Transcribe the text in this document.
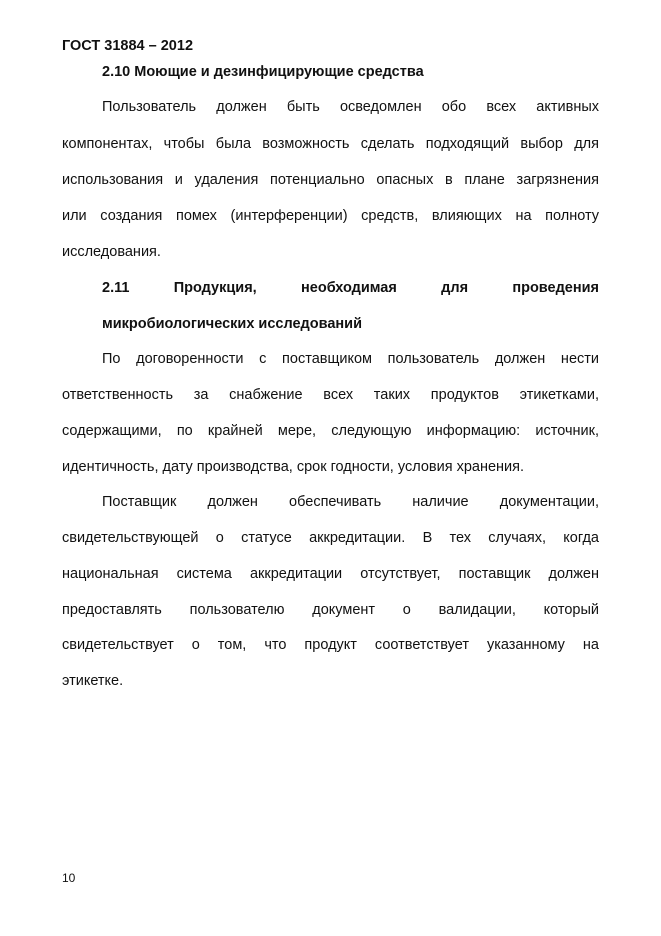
ГОСТ 31884 – 2012
2.10 Моющие и дезинфицирующие средства
Пользователь должен быть осведомлен обо всех активных
компонентах, чтобы была возможность сделать подходящий выбор для
использования и удаления потенциально опасных в плане загрязнения
или создания помех (интерференции) средств, влияющих на полноту
исследования.
2.11 Продукция, необходимая для проведения
микробиологических исследований
По договоренности с поставщиком пользователь должен нести
ответственность за снабжение всех таких продуктов этикетками,
содержащими, по крайней мере, следующую информацию: источник,
идентичность, дату производства, срок годности, условия хранения.
Поставщик должен обеспечивать наличие документации,
свидетельствующей о статусе аккредитации. В тех случаях, когда
национальная система аккредитации отсутствует, поставщик должен
предоставлять пользователю документ о валидации, который
свидетельствует о том, что продукт соответствует указанному на
этикетке.
10
